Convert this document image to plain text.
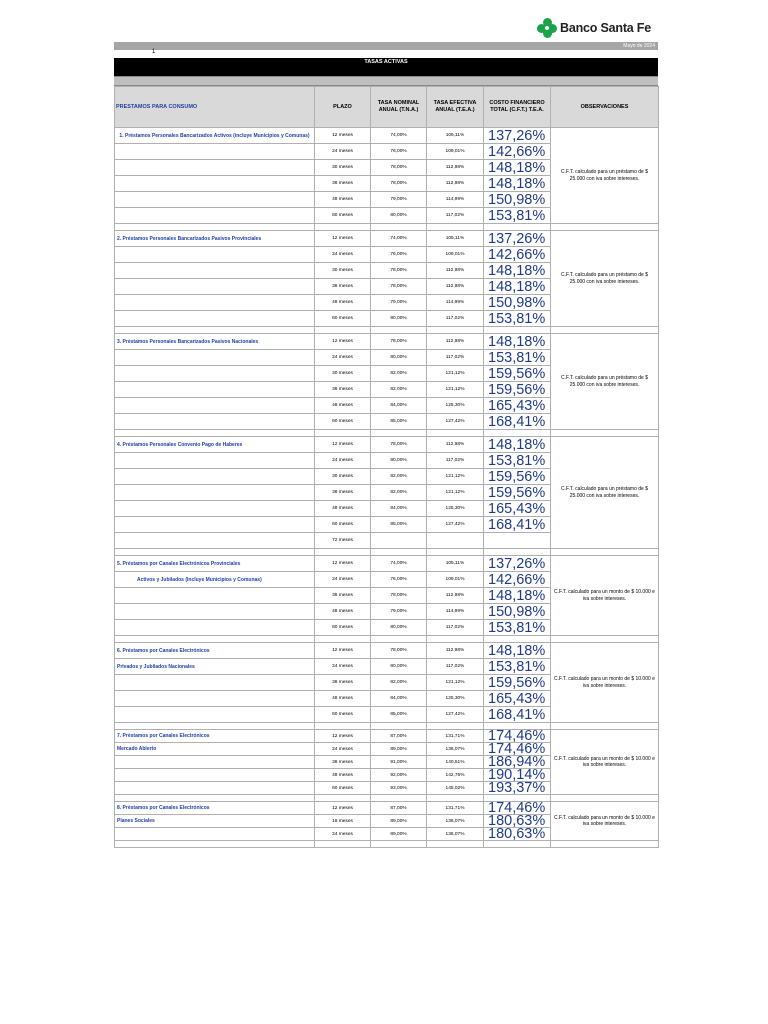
Banco Santa Fe
Mayo de 2024
1
TASAS ACTIVAS
PRESTAMOS PARA CONSUMO	PLAZO	TASA NOMINAL ANUAL (T.N.A.)	TASA EFECTIVA ANUAL (T.E.A.)	COSTO FINANCIERO TOTAL (C.F.T.) T.E.A.	OBSERVACIONES
1. Préstamos Personales Bancarizados Activos (incluye Municipios y Comunas)	12 meses	74,00%	105,11%	137,26%	C.F.T. calculado para un préstamo de $ 25.000 con iva sobre intereses.
	24 meses	76,00%	109,01%	142,66%	
	30 meses	78,00%	112,98%	148,18%	
	36 meses	78,00%	112,98%	148,18%	
	48 meses	79,00%	114,99%	150,98%	
	60 meses	80,00%	117,02%	153,81%	

2. Préstamos Personales Bancarizados Pasivos Provinciales	12 meses	74,00%	105,11%	137,26%	C.F.T. calculado para un préstamo de $ 25.000 con iva sobre intereses.
	24 meses	76,00%	109,01%	142,66%	
	30 meses	78,00%	112,98%	148,18%	
	36 meses	78,00%	112,98%	148,18%	
	48 meses	79,00%	114,99%	150,98%	
	60 meses	80,00%	117,02%	153,81%	

3. Préstamos Personales Bancarizados Pasivos Nacionales	12 meses	78,00%	112,98%	148,18%	C.F.T. calculado para un préstamo de $ 25.000 con iva sobre intereses.
	24 meses	80,00%	117,02%	153,81%	
	30 meses	82,00%	121,12%	159,56%	
	36 meses	82,00%	121,12%	159,56%	
	48 meses	84,00%	125,30%	165,43%	
	60 meses	85,00%	127,42%	168,41%	

4. Préstamos Personales Convenio Pago de Haberes	12 meses	78,00%	112,98%	148,18%	C.F.T. calculado para un préstamo de $ 25.000 con iva sobre intereses.
	24 meses	80,00%	117,02%	153,81%	
	30 meses	82,00%	121,12%	159,56%	
	36 meses	82,00%	121,12%	159,56%	
	48 meses	84,00%	125,30%	165,43%	
	60 meses	85,00%	127,42%	168,41%	
	72 meses				

5. Préstamos por Canales Electrónicos Provinciales	12 meses	74,00%	105,11%	137,26%	C.F.T. calculado para un monto de $ 10.000 e iva sobre intereses.
Activos y Jubilados (Incluye Municipios y Comunas)	24 meses	76,00%	109,01%	142,66%	
	36 meses	78,00%	112,98%	148,18%	
	48 meses	79,00%	114,99%	150,98%	
	60 meses	80,00%	117,02%	153,81%	

6. Préstamos por Canales Electrónicos	12 meses	78,00%	112,98%	148,18%	C.F.T. calculado para un monto de $ 10.000 e iva sobre intereses.
Privados y Jubilados Nacionales	24 meses	80,00%	117,02%	153,81%	
	36 meses	82,00%	121,12%	159,56%	
	48 meses	84,00%	125,30%	165,43%	
	60 meses	85,00%	127,42%	168,41%	

7. Préstamos por Canales Electrónicos	12 meses	87,00%	131,71%	174,46%	C.F.T. calculado para un monto de $ 10.000 e iva sobre intereses.
Mercado Abierto	24 meses	89,00%	136,07%	174,46%	
	36 meses	91,00%	140,51%	186,94%	
	48 meses	92,00%	142,75%	190,14%	
	60 meses	93,00%	145,02%	193,37%	

8. Préstamos por Canales Electrónicos	12 meses	87,00%	131,71%	174,46%	C.F.T. calculado para un monto de $ 10.000 e iva sobre intereses.
Planes Sociales	18 meses	89,00%	136,07%	180,63%	
	24 meses	89,00%	136,07%	180,63%	
